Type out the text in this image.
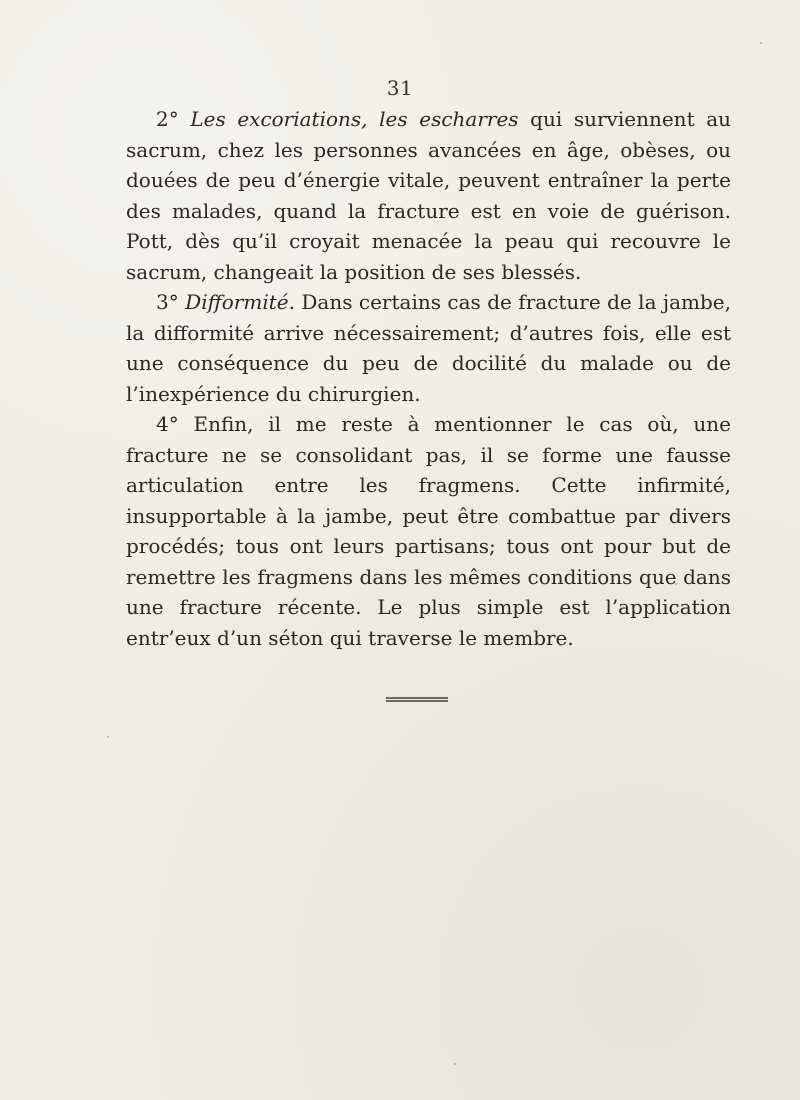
31

2° Les excoriations, les escharres qui surviennent au sacrum, chez les personnes avancées en âge, obèses, ou douées de peu d’énergie vitale, peuvent entraîner la perte des malades, quand la fracture est en voie de guérison. Pott, dès qu’il croyait menacée la peau qui recouvre le sacrum, changeait la position de ses blessés.

3° Difformité. Dans certains cas de fracture de la jambe, la difformité arrive nécessairement; d’autres fois, elle est une conséquence du peu de docilité du malade ou de l’inexpérience du chirurgien.

4° Enfin, il me reste à mentionner le cas où, une fracture ne se consolidant pas, il se forme une fausse articulation entre les fragmens. Cette infirmité, insupportable à la jambe, peut être combattue par divers procédés; tous ont leurs partisans; tous ont pour but de remettre les fragmens dans les mêmes conditions que dans une fracture récente. Le plus simple est l’application entr’eux d’un séton qui traverse le membre.
